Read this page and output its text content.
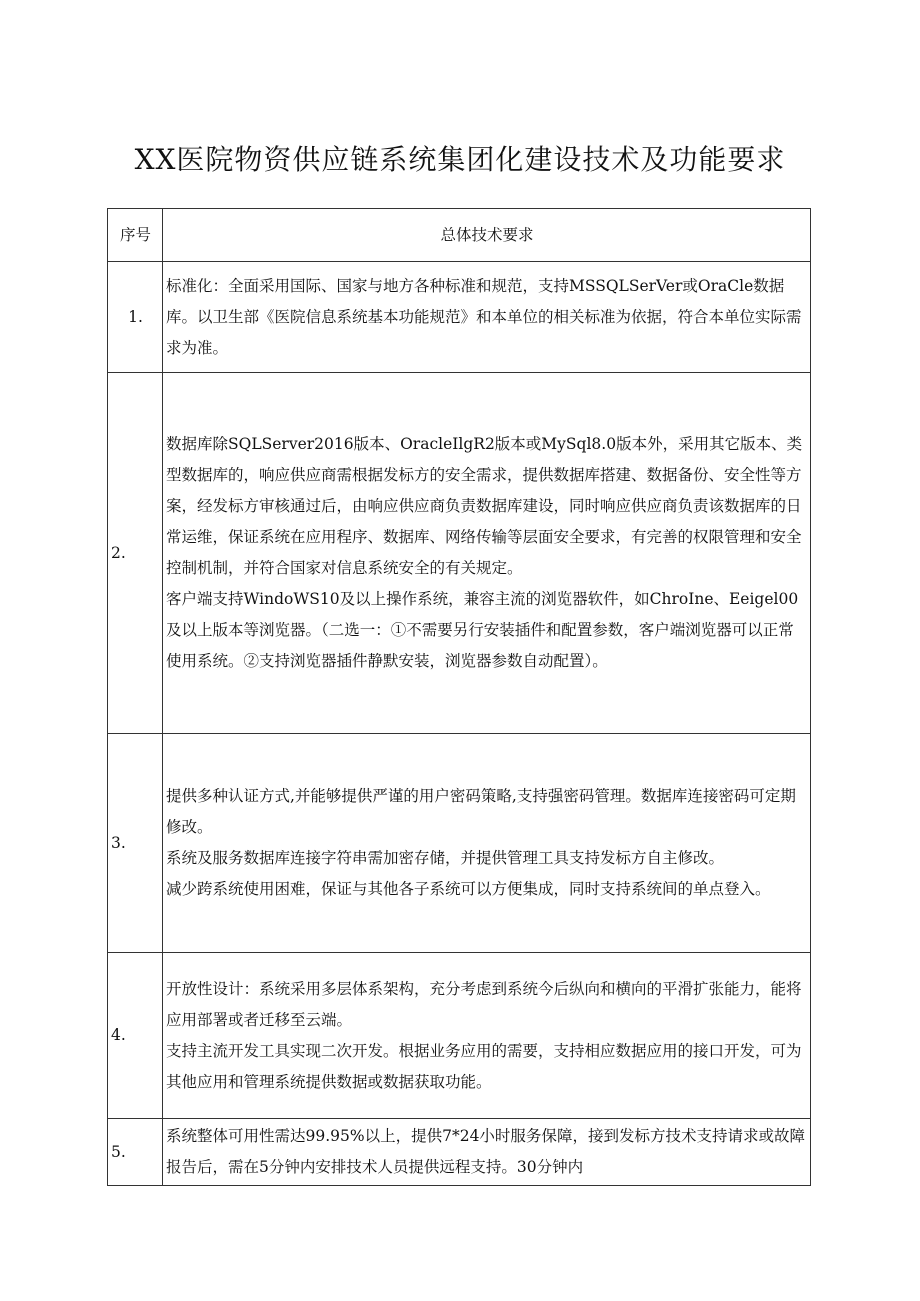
XX医院物资供应链系统集团化建设技术及功能要求
序号	总体技术要求
1.	标准化：全面采用国际、国家与地方各种标准和规范，支持MSSQLSerVer或OraCle数据库。以卫生部《医院信息系统基本功能规范》和本单位的相关标准为依据，符合本单位实际需求为准。

2.	数据库除SQLServer2016版本、OracleIlgR2版本或MySql8.0版本外，采用其它版本、类型数据库的，响应供应商需根据发标方的安全需求，提供数据库搭建、数据备份、安全性等方案，经发标方审核通过后，由响应供应商负责数据库建设，同时响应供应商负责该数据库的日常运维，保证系统在应用程序、数据库、网络传输等层面安全要求，有完善的权限管理和安全控制机制，并符合国家对信息系统安全的有关规定。
客户端支持WindoWS10及以上操作系统，兼容主流的浏览器软件，如ChroIne、Eeigel00及以上版本等浏览器。（二选一：①不需要另行安装插件和配置参数，客户端浏览器可以正常使用系统。②支持浏览器插件静默安装，浏览器参数自动配置）。

3.	提供多种认证方式,并能够提供严谨的用户密码策略,支持强密码管理。数据库连接密码可定期修改。
系统及服务数据库连接字符串需加密存储，并提供管理工具支持发标方自主修改。
减少跨系统使用困难，保证与其他各子系统可以方便集成，同时支持系统间的单点登入。

4.	开放性设计：系统采用多层体系架构，充分考虑到系统今后纵向和横向的平滑扩张能力，能将应用部署或者迁移至云端。
支持主流开发工具实现二次开发。根据业务应用的需要，支持相应数据应用的接口开发，可为其他应用和管理系统提供数据或数据获取功能。

5.	系统整体可用性需达99.95%以上，提供7*24小时服务保障，接到发标方技术支持请求或故障报告后，需在5分钟内安排技术人员提供远程支持。30分钟内
